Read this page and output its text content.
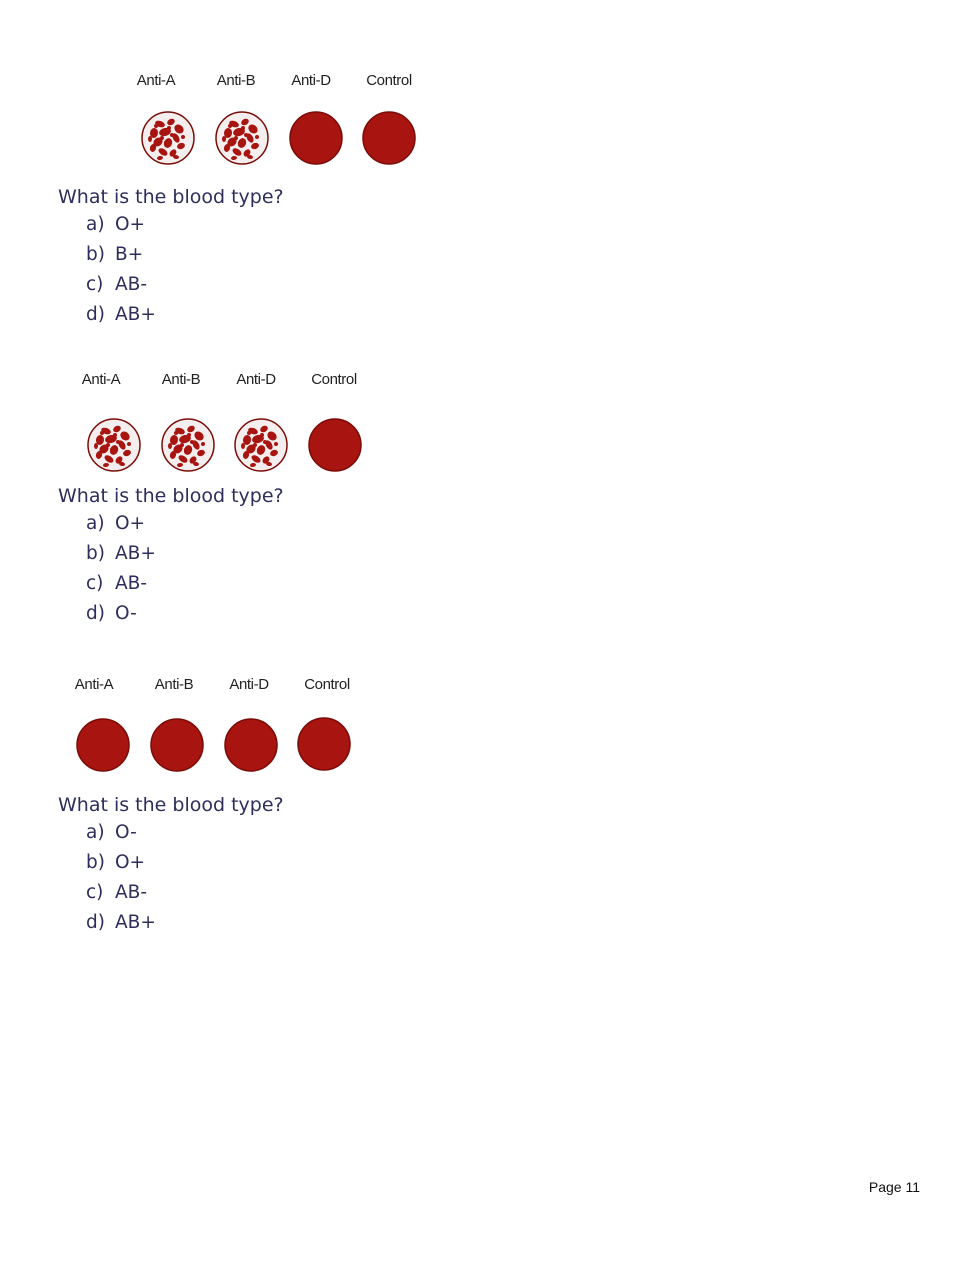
Anti-A	Anti-B	Anti-D	Control
What is the blood type?
a) O+
b) B+
c) AB-
d) AB+
Anti-A	Anti-B	Anti-D	Control
What is the blood type?
a) O+
b) AB+
c) AB-
d) O-
Anti-A	Anti-B	Anti-D	Control
What is the blood type?
a) O-
b) O+
c) AB-
d) AB+
Page 11
